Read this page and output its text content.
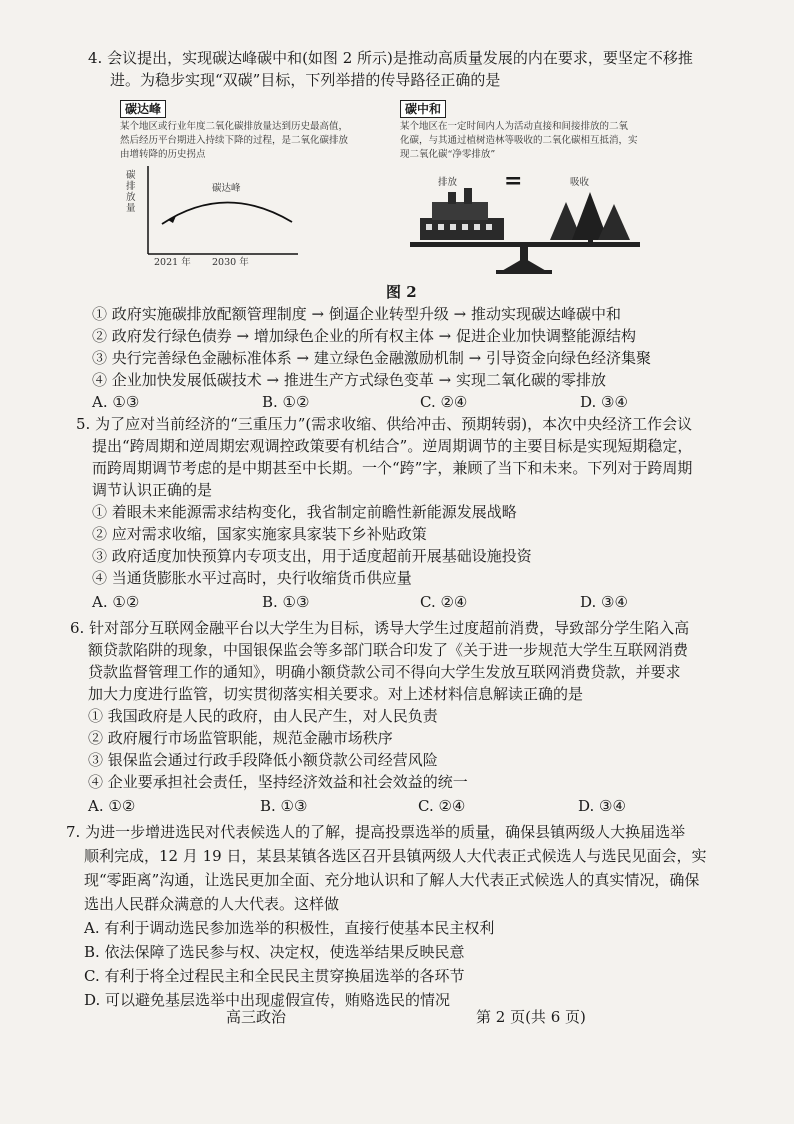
4. 会议提出，实现碳达峰碳中和(如图 2 所示)是推动高质量发展的内在要求，要坚定不移推
进。为稳步实现“双碳”目标，下列举措的传导路径正确的是
碳达峰
某个地区或行业年度二氧化碳排放量达到历史最高值，
然后经历平台期进入持续下降的过程，是二氧化碳排放
由增转降的历史拐点
碳排放量
碳达峰
2021 年 2030 年
碳中和
某个地区在一定时间内人为活动直接和间接排放的二氧
化碳，与其通过植树造林等吸收的二氧化碳相互抵消，实
现二氧化碳“净零排放”
排放 =	吸收
图 2
① 政府实施碳排放配额管理制度 → 倒逼企业转型升级 → 推动实现碳达峰碳中和
② 政府发行绿色债券 → 增加绿色企业的所有权主体 → 促进企业加快调整能源结构
③ 央行完善绿色金融标准体系 → 建立绿色金融激励机制 → 引导资金向绿色经济集聚
④ 企业加快发展低碳技术 → 推进生产方式绿色变革 → 实现二氧化碳的零排放
A. ①③	B. ①②	C. ②④	D. ③④
5. 为了应对当前经济的“三重压力”(需求收缩、供给冲击、预期转弱)，本次中央经济工作会议
提出“跨周期和逆周期宏观调控政策要有机结合”。逆周期调节的主要目标是实现短期稳定，
而跨周期调节考虑的是中期甚至中长期。一个“跨”字，兼顾了当下和未来。下列对于跨周期
调节认识正确的是
① 着眼未来能源需求结构变化，我省制定前瞻性新能源发展战略
② 应对需求收缩，国家实施家具家装下乡补贴政策
③ 政府适度加快预算内专项支出，用于适度超前开展基础设施投资
④ 当通货膨胀水平过高时，央行收缩货币供应量
A. ①②	B. ①③	C. ②④	D. ③④
6. 针对部分互联网金融平台以大学生为目标，诱导大学生过度超前消费，导致部分学生陷入高
额贷款陷阱的现象，中国银保监会等多部门联合印发了《关于进一步规范大学生互联网消费
贷款监督管理工作的通知》，明确小额贷款公司不得向大学生发放互联网消费贷款，并要求
加大力度进行监管，切实贯彻落实相关要求。对上述材料信息解读正确的是
① 我国政府是人民的政府，由人民产生，对人民负责
② 政府履行市场监管职能，规范金融市场秩序
③ 银保监会通过行政手段降低小额贷款公司经营风险
④ 企业要承担社会责任，坚持经济效益和社会效益的统一
A. ①②	B. ①③	C. ②④	D. ③④
7. 为进一步增进选民对代表候选人的了解，提高投票选举的质量，确保县镇两级人大换届选举
顺利完成，12 月 19 日，某县某镇各选区召开县镇两级人大代表正式候选人与选民见面会，实
现“零距离”沟通，让选民更加全面、充分地认识和了解人大代表正式候选人的真实情况，确保
选出人民群众满意的人大代表。这样做
A. 有利于调动选民参加选举的积极性，直接行使基本民主权利
B. 依法保障了选民参与权、决定权，使选举结果反映民意
C. 有利于将全过程民主和全民民主贯穿换届选举的各环节
D. 可以避免基层选举中出现虚假宣传，贿赂选民的情况
高三政治	第 2 页(共 6 页)
